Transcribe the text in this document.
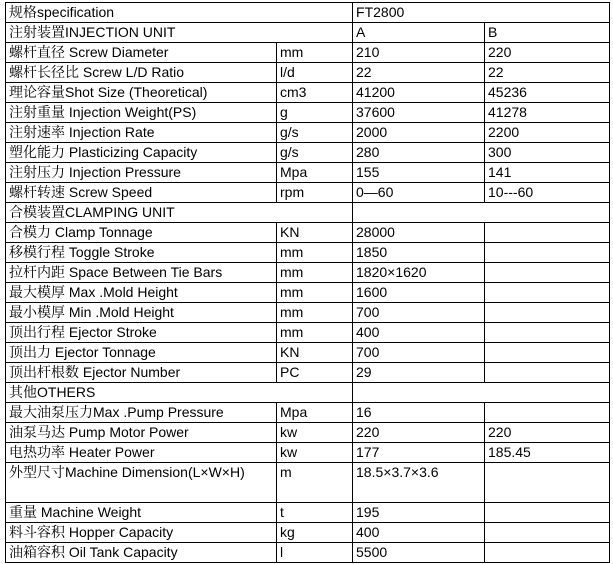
规格specification		FT2800	
注射装置INJECTION UNIT		A	B
螺杆直径 Screw Diameter	mm	210	220
螺杆长径比 Screw L/D Ratio	l/d	22	22
理论容量Shot Size (Theoretical)	cm3	41200	45236
注射重量 Injection Weight(PS)	g	37600	41278
注射速率 Injection Rate	g/s	2000	2200
塑化能力 Plasticizing Capacity	g/s	280	300
注射压力 Injection Pressure	Mpa	155	141
螺杆转速 Screw Speed	rpm	0—60	10---60
合模装置CLAMPING UNIT			
合模力 Clamp Tonnage	KN	28000	
移模行程 Toggle Stroke	mm	1850	
拉杆内距 Space Between Tie Bars	mm	1820×1620	
最大模厚 Max .Mold Height	mm	1600	
最小模厚 Min .Mold Height	mm	700	
顶出行程 Ejector Stroke	mm	400	
顶出力 Ejector Tonnage	KN	700	
顶出杆根数 Ejector Number	PC	29	
其他OTHERS			
最大油泵压力Max .Pump Pressure	Mpa	16	
油泵马达 Pump Motor Power	kw	220	220
电热功率 Heater Power	kw	177	185.45
外型尺寸Machine Dimension(L×W×H)	m	18.5×3.7×3.6	
重量 Machine Weight	t	195	
料斗容积 Hopper Capacity	kg	400	
油箱容积 Oil Tank Capacity	l	5500	
